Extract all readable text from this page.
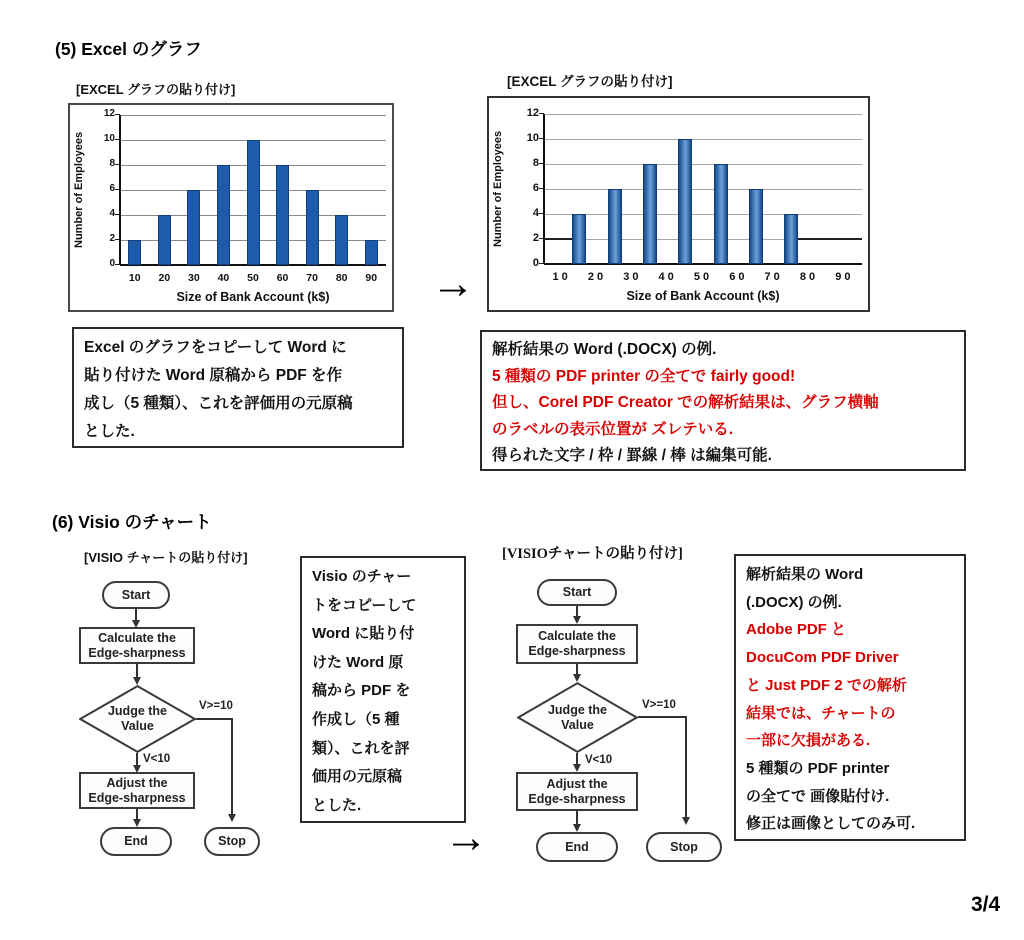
(5) Excel のグラフ
[EXCEL グラフの貼り付け]
0
2
4
6
8
10
12
10	20	30	40	50	60	70	80	90
Size of Bank Account (k$)
Number of Employees
[EXCEL グラフの貼り付け]
0
2
4
6
8
10
12
10	20	30	40	50	60	70	80	90
Size of Bank Account (k$)
Number of Employees
→
Excel のグラフをコピーして Word に
貼り付けた Word 原稿から PDF を作
成し（5 種類）、これを評価用の元原稿
とした.
解析結果の Word (.DOCX) の例.
5 種類の PDF printer の全てで fairly good!
但し、Corel PDF Creator での解析結果は、グラフ横軸
のラベルの表示位置が ズレテいる.
得られた文字 / 枠 / 罫線 / 棒 は編集可能.
(6) Visio のチャート
[VISIO チャートの貼り付け]	[VISIOチャートの貼り付け]
Start
Calculate the
Edge-sharpness
Judge the
Value
V>=10
V<10
Adjust the
Edge-sharpness
End	Stop
Start
Calculate the
Edge-sharpness
Judge the
Value
V>=10
V<10
Adjust the
Edge-sharpness
End	Stop
Visio のチャー
トをコピーして
Word に貼り付
けた Word 原
稿から PDF を
作成し（5 種
類）、これを評
価用の元原稿
とした.
解析結果の Word
(.DOCX) の例.
Adobe PDF と
DocuCom PDF Driver
と Just PDF 2 での解析
結果では、チャートの
一部に欠損がある.
5 種類の PDF printer
の全てで 画像貼付け.
修正は画像としてのみ可.
→
3/4
